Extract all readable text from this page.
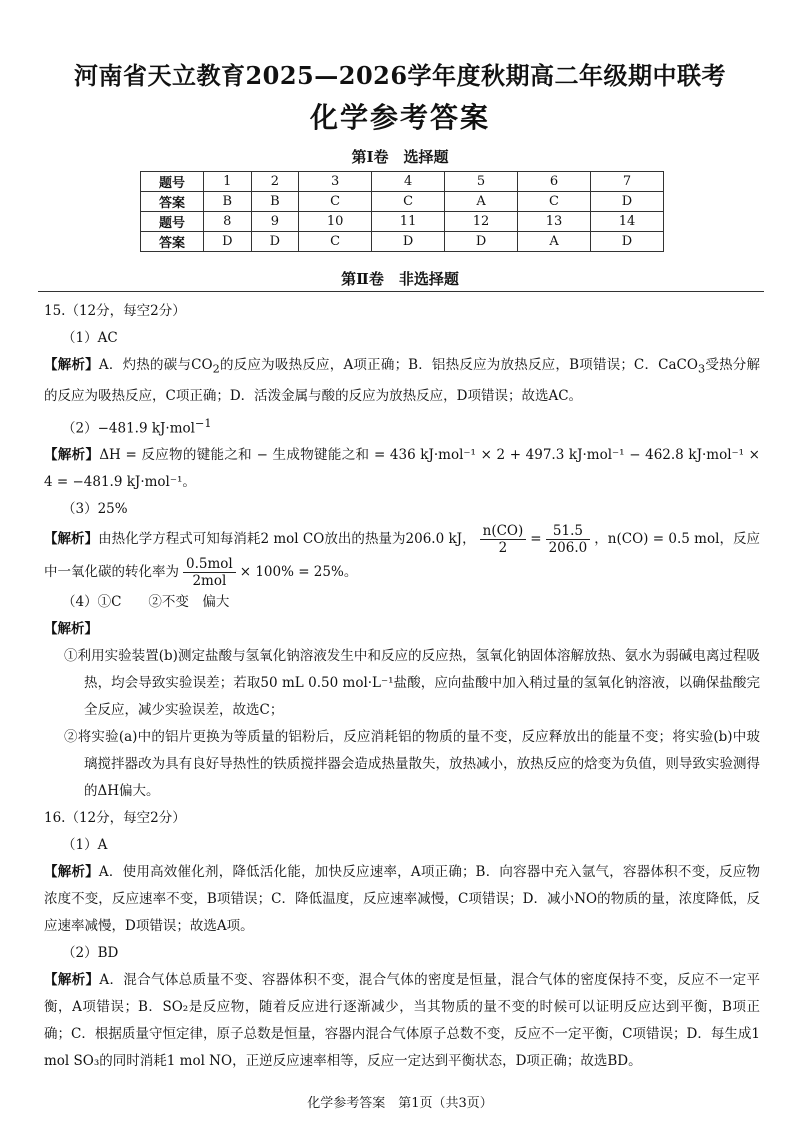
河南省天立教育2025—2026学年度秋期高二年级期中联考
化学参考答案
第Ⅰ卷　选择题
题号	1	2	3	4	5	6	7
答案	B	B	C	C	A	C	D
题号	8	9	10	11	12	13	14
答案	D	D	C	D	D	A	D
第Ⅱ卷　非选择题

15.（12分，每空2分）

（1）AC

【解析】A．灼热的碳与$CO_2$的反应为吸热反应，A项正确；B．铝热反应为放热反应，B项错误；C．CaCO$_3$受热分解的反应为吸热反应，C项正确；D．活泼金属与酸的反应为放热反应，D项错误；故选AC。

（2）−481.9 kJ·mol$^{-1}$

【解析】ΔH = 反应物的键能之和 − 生成物键能之和 = 436 kJ·mol⁻¹ × 2 + 497.3 kJ·mol⁻¹ − 462.8 kJ·mol⁻¹ × 4 = −481.9 kJ·mol⁻¹。

（3）25%

【解析】由热化学方程式可知每消耗2 mol CO放出的热量为206.0 kJ， $\frac{n(CO)}{2} = \frac{51.5}{206.0}$ ，n(CO) = 0.5 mol，反应中一氧化碳的转化率为 $\frac{\text{0.5mol}}{\text{2mol}} \times 100\% = 25\%$。

（4）①C　　②不变　偏大

【解析】

①利用实验装置(b)测定盐酸与氢氧化钠溶液发生中和反应的反应热，氢氧化钠固体溶解放热、氨水为弱碱电离过程吸热，均会导致实验误差；若取50 mL 0.50 mol·L⁻¹盐酸，应向盐酸中加入稍过量的氢氧化钠溶液，以确保盐酸完全反应，减少实验误差，故选C；

②将实验(a)中的铝片更换为等质量的铝粉后，反应消耗铝的物质的量不变，反应释放出的能量不变；将实验(b)中玻璃搅拌器改为具有良好导热性的铁质搅拌器会造成热量散失，放热减小，放热反应的焓变为负值，则导致实验测得的ΔH偏大。

16.（12分，每空2分）

（1）A

【解析】A．使用高效催化剂，降低活化能，加快反应速率，A项正确；B．向容器中充入氩气，容器体积不变，反应物浓度不变，反应速率不变，B项错误；C．降低温度，反应速率减慢，C项错误；D．减小NO的物质的量，浓度降低，反应速率减慢，D项错误；故选A项。

（2）BD

【解析】A．混合气体总质量不变、容器体积不变，混合气体的密度是恒量，混合气体的密度保持不变，反应不一定平衡，A项错误；B．SO₂是反应物，随着反应进行逐渐减少，当其物质的量不变的时候可以证明反应达到平衡，B项正确；C．根据质量守恒定律，原子总数是恒量，容器内混合气体原子总数不变，反应不一定平衡，C项错误；D．每生成1 mol SO₃的同时消耗1 mol NO，正逆反应速率相等，反应一定达到平衡状态，D项正确；故选BD。

化学参考答案　第1页（共3页）
